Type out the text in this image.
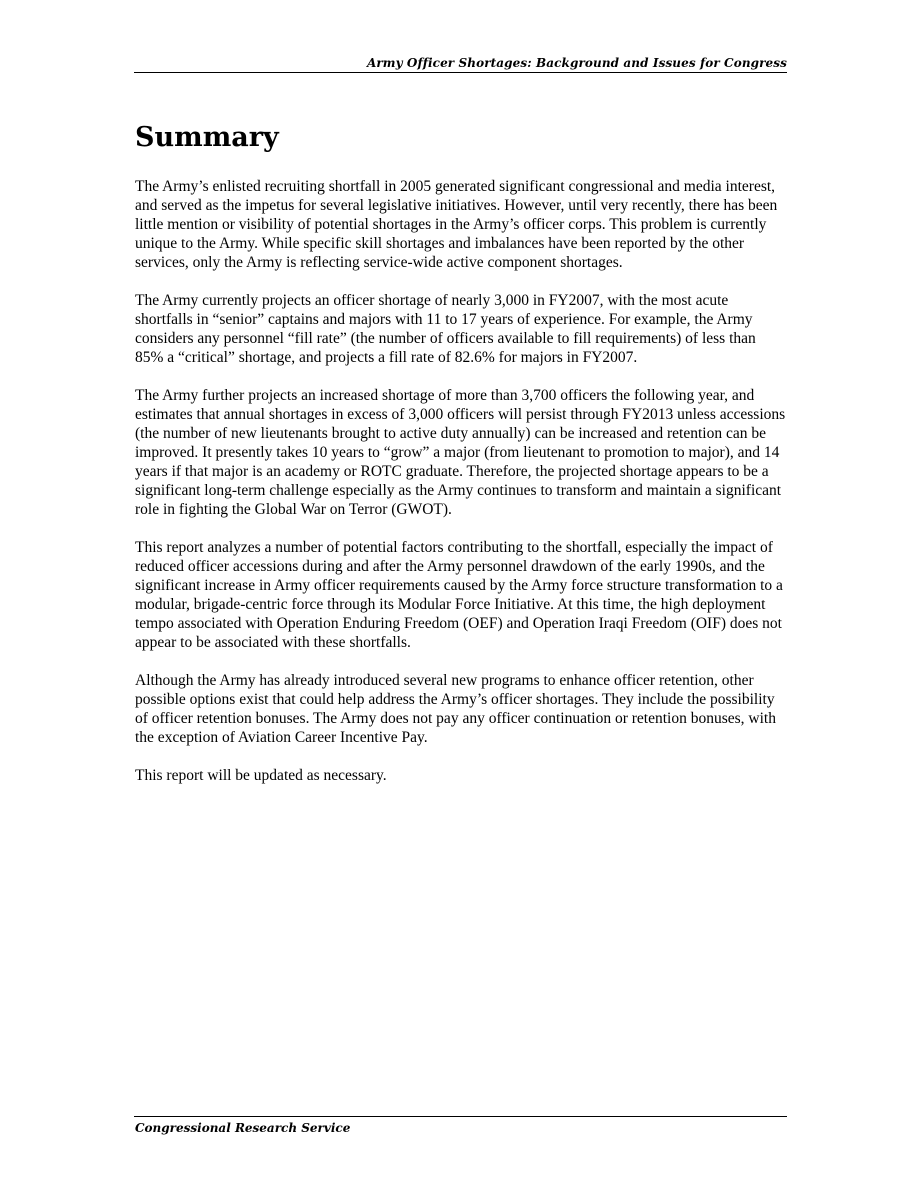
Army Officer Shortages: Background and Issues for Congress
Summary

The Army’s enlisted recruiting shortfall in 2005 generated significant congressional and media interest, and served as the impetus for several legislative initiatives. However, until very recently, there has been little mention or visibility of potential shortages in the Army’s officer corps. This problem is currently unique to the Army. While specific skill shortages and imbalances have been reported by the other services, only the Army is reflecting service-wide active component shortages.

The Army currently projects an officer shortage of nearly 3,000 in FY2007, with the most acute shortfalls in “senior” captains and majors with 11 to 17 years of experience. For example, the Army considers any personnel “fill rate” (the number of officers available to fill requirements) of less than 85% a “critical” shortage, and projects a fill rate of 82.6% for majors in FY2007.

The Army further projects an increased shortage of more than 3,700 officers the following year, and estimates that annual shortages in excess of 3,000 officers will persist through FY2013 unless accessions (the number of new lieutenants brought to active duty annually) can be increased and retention can be improved. It presently takes 10 years to “grow” a major (from lieutenant to promotion to major), and 14 years if that major is an academy or ROTC graduate. Therefore, the projected shortage appears to be a significant long-term challenge especially as the Army continues to transform and maintain a significant role in fighting the Global War on Terror (GWOT).

This report analyzes a number of potential factors contributing to the shortfall, especially the impact of reduced officer accessions during and after the Army personnel drawdown of the early 1990s, and the significant increase in Army officer requirements caused by the Army force structure transformation to a modular, brigade-centric force through its Modular Force Initiative. At this time, the high deployment tempo associated with Operation Enduring Freedom (OEF) and Operation Iraqi Freedom (OIF) does not appear to be associated with these shortfalls.

Although the Army has already introduced several new programs to enhance officer retention, other possible options exist that could help address the Army’s officer shortages. They include the possibility of officer retention bonuses. The Army does not pay any officer continuation or retention bonuses, with the exception of Aviation Career Incentive Pay.

This report will be updated as necessary.

Congressional Research Service
